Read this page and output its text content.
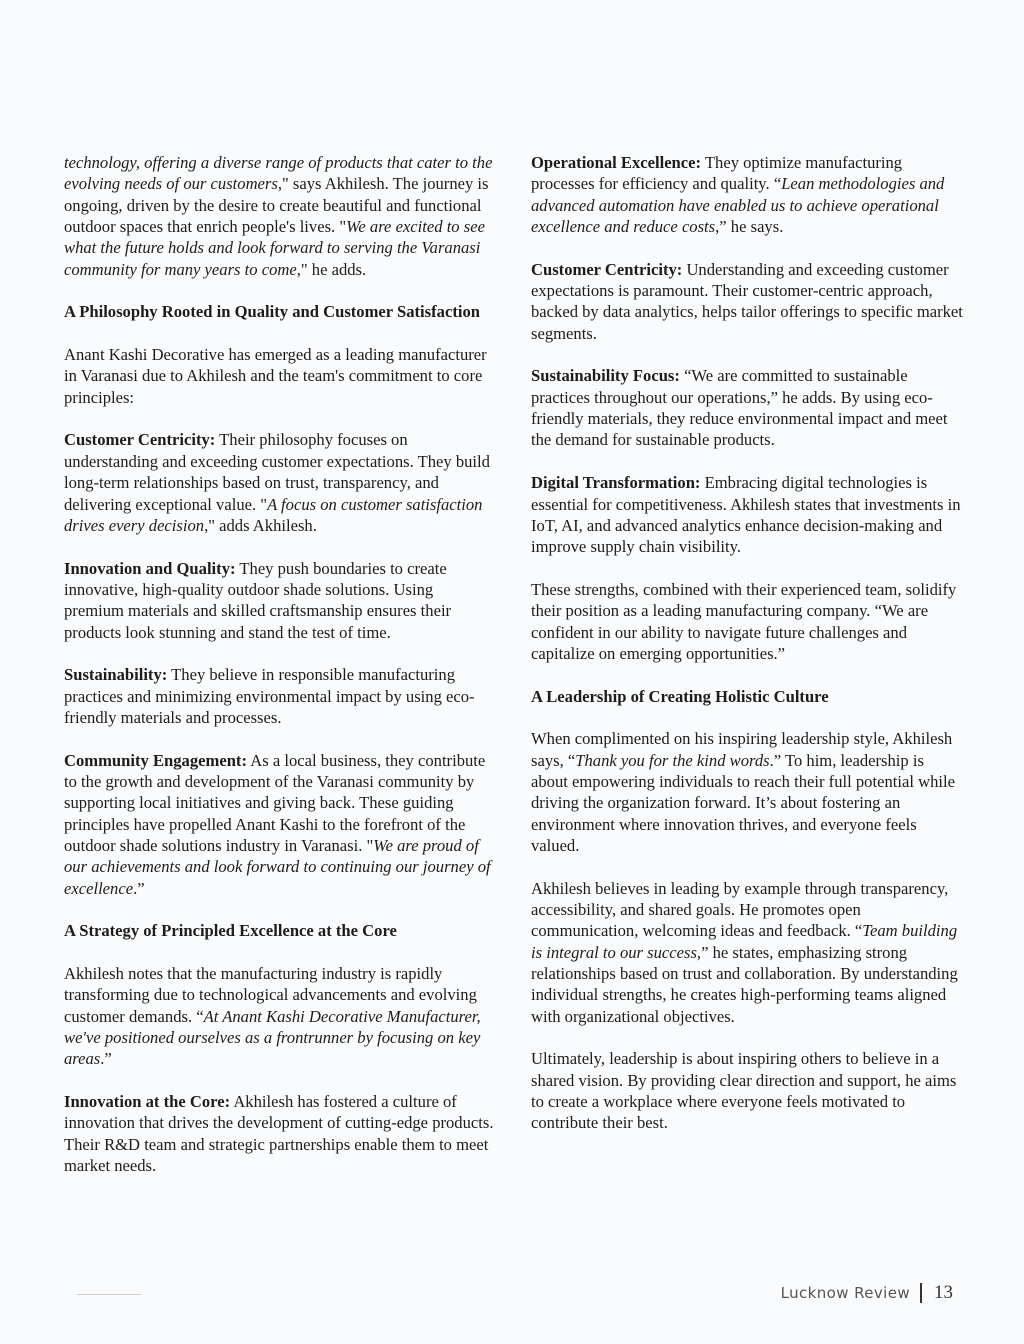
technology, offering a diverse range of products that cater to the evolving needs of our customers," says Akhilesh. The journey is ongoing, driven by the desire to create beautiful and functional outdoor spaces that enrich people's lives. "We are excited to see what the future holds and look forward to serving the Varanasi community for many years to come," he adds.

A Philosophy Rooted in Quality and Customer Satisfaction

Anant Kashi Decorative has emerged as a leading manufacturer in Varanasi due to Akhilesh and the team's commitment to core principles:

Customer Centricity: Their philosophy focuses on understanding and exceeding customer expectations. They build long-term relationships based on trust, transparency, and delivering exceptional value. "A focus on customer satisfaction drives every decision," adds Akhilesh.

Innovation and Quality: They push boundaries to create innovative, high-quality outdoor shade solutions. Using premium materials and skilled craftsmanship ensures their products look stunning and stand the test of time.

Sustainability: They believe in responsible manufacturing practices and minimizing environmental impact by using eco-friendly materials and processes.

Community Engagement: As a local business, they contribute to the growth and development of the Varanasi community by supporting local initiatives and giving back. These guiding principles have propelled Anant Kashi to the forefront of the outdoor shade solutions industry in Varanasi. "We are proud of our achievements and look forward to continuing our journey of excellence.”

A Strategy of Principled Excellence at the Core

Akhilesh notes that the manufacturing industry is rapidly transforming due to technological advancements and evolving customer demands. “At Anant Kashi Decorative Manufacturer, we've positioned ourselves as a frontrunner by focusing on key areas.”

Innovation at the Core: Akhilesh has fostered a culture of innovation that drives the development of cutting-edge products. Their R&D team and strategic partnerships enable them to meet market needs.

Operational Excellence: They optimize manufacturing processes for efficiency and quality. “Lean methodologies and advanced automation have enabled us to achieve operational excellence and reduce costs,” he says.

Customer Centricity: Understanding and exceeding customer expectations is paramount. Their customer-centric approach, backed by data analytics, helps tailor offerings to specific market segments.

Sustainability Focus: “We are committed to sustainable practices throughout our operations,” he adds. By using eco-friendly materials, they reduce environmental impact and meet the demand for sustainable products.

Digital Transformation: Embracing digital technologies is essential for competitiveness. Akhilesh states that investments in IoT, AI, and advanced analytics enhance decision-making and improve supply chain visibility.

These strengths, combined with their experienced team, solidify their position as a leading manufacturing company. “We are confident in our ability to navigate future challenges and capitalize on emerging opportunities.”

A Leadership of Creating Holistic Culture

When complimented on his inspiring leadership style, Akhilesh says, “Thank you for the kind words.” To him, leadership is about empowering individuals to reach their full potential while driving the organization forward. It’s about fostering an environment where innovation thrives, and everyone feels valued.

Akhilesh believes in leading by example through transparency, accessibility, and shared goals. He promotes open communication, welcoming ideas and feedback. “Team building is integral to our success,” he states, emphasizing strong relationships based on trust and collaboration. By understanding individual strengths, he creates high-performing teams aligned with organizational objectives.

Ultimately, leadership is about inspiring others to believe in a shared vision. By providing clear direction and support, he aims to create a workplace where everyone feels motivated to contribute their best.

Lucknow Review 13
